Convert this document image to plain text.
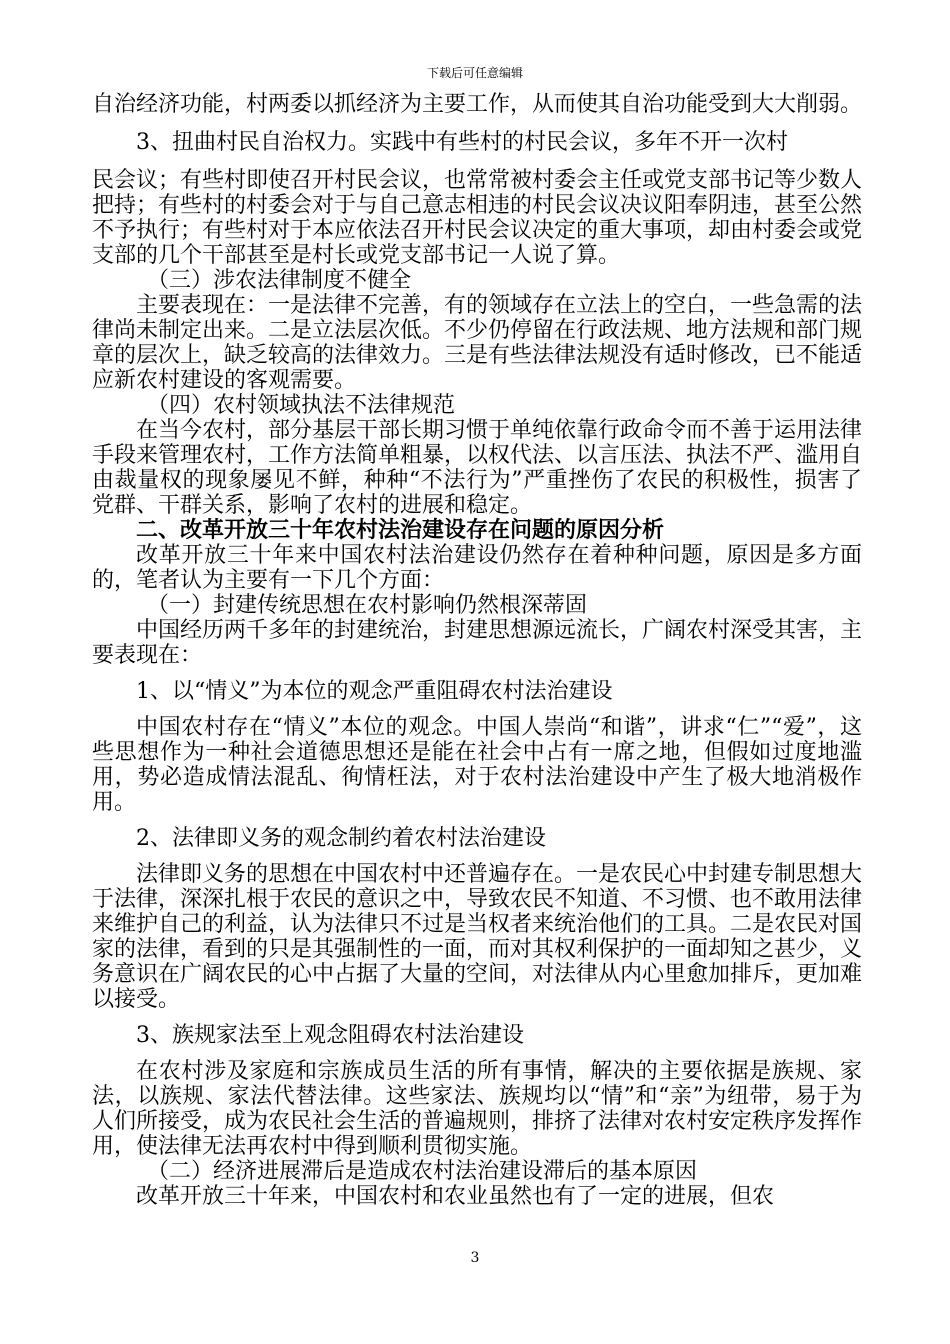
下载后可任意编辑

自治经济功能，村两委以抓经济为主要工作，从而使其自治功能受到大大削弱。

3、扭曲村民自治权力。实践中有些村的村民会议，多年不开一次村

民会议；有些村即使召开村民会议，也常常被村委会主任或党支部书记等少数人把持；有些村的村委会对于与自己意志相违的村民会议决议阳奉阴违，甚至公然不予执行；有些村对于本应依法召开村民会议决定的重大事项，却由村委会或党支部的几个干部甚至是村长或党支部书记一人说了算。

（三）涉农法律制度不健全

主要表现在：一是法律不完善，有的领域存在立法上的空白，一些急需的法律尚未制定出来。二是立法层次低。不少仍停留在行政法规、地方法规和部门规章的层次上，缺乏较高的法律效力。三是有些法律法规没有适时修改，已不能适应新农村建设的客观需要。

（四）农村领域执法不法律规范

在当今农村，部分基层干部长期习惯于单纯依靠行政命令而不善于运用法律手段来管理农村，工作方法简单粗暴，以权代法、以言压法、执法不严、滥用自由裁量权的现象屡见不鲜，种种“不法行为”严重挫伤了农民的积极性，损害了党群、干群关系，影响了农村的进展和稳定。

二、改革开放三十年农村法治建设存在问题的原因分析

改革开放三十年来中国农村法治建设仍然存在着种种问题，原因是多方面的，笔者认为主要有一下几个方面：

（一）封建传统思想在农村影响仍然根深蒂固

中国经历两千多年的封建统治，封建思想源远流长，广阔农村深受其害，主要表现在：

1、以“情义”为本位的观念严重阻碍农村法治建设

中国农村存在“情义”本位的观念。中国人崇尚“和谐”，讲求“仁”“爱”，这些思想作为一种社会道德思想还是能在社会中占有一席之地，但假如过度地滥用，势必造成情法混乱、徇情枉法，对于农村法治建设中产生了极大地消极作用。

2、法律即义务的观念制约着农村法治建设

法律即义务的思想在中国农村中还普遍存在。一是农民心中封建专制思想大于法律，深深扎根于农民的意识之中，导致农民不知道、不习惯、也不敢用法律来维护自己的利益，认为法律只不过是当权者来统治他们的工具。二是农民对国家的法律，看到的只是其强制性的一面，而对其权利保护的一面却知之甚少，义务意识在广阔农民的心中占据了大量的空间，对法律从内心里愈加排斥，更加难以接受。

3、族规家法至上观念阻碍农村法治建设

在农村涉及家庭和宗族成员生活的所有事情，解决的主要依据是族规、家法，以族规、家法代替法律。这些家法、族规均以“情”和“亲”为纽带，易于为人们所接受，成为农民社会生活的普遍规则，排挤了法律对农村安定秩序发挥作用，使法律无法再农村中得到顺利贯彻实施。

（二）经济进展滞后是造成农村法治建设滞后的基本原因

改革开放三十年来，中国农村和农业虽然也有了一定的进展，但农

3
